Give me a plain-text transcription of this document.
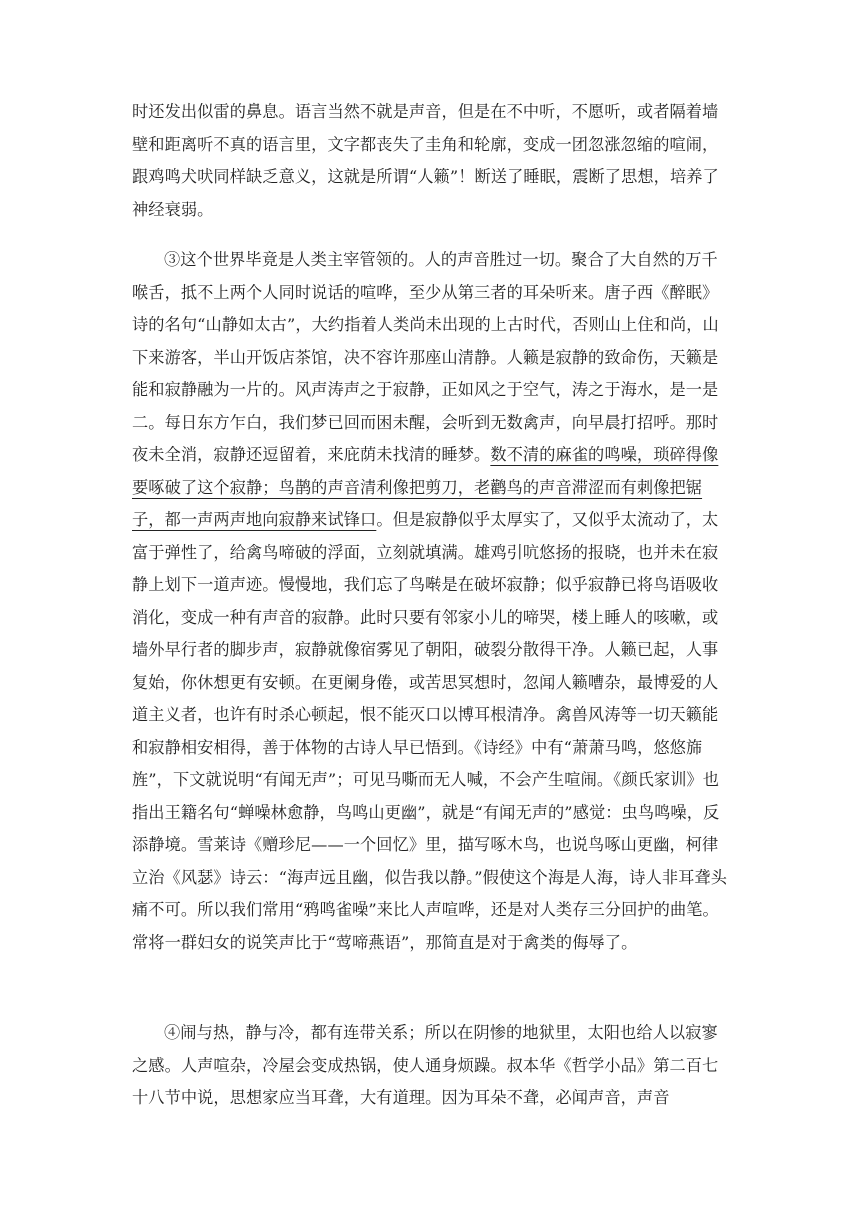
时还发出似雷的鼻息。语言当然不就是声音，但是在不中听，不愿听，或者隔着墙壁和距离听不真的语言里，文字都丧失了圭角和轮廓，变成一团忽涨忽缩的喧闹，跟鸡鸣犬吠同样缺乏意义，这就是所谓“人籁”！断送了睡眠，震断了思想，培养了神经衰弱。

③这个世界毕竟是人类主宰管领的。人的声音胜过一切。聚合了大自然的万千喉舌，抵不上两个人同时说话的喧哗，至少从第三者的耳朵听来。唐子西《醉眠》诗的名句“山静如太古”，大约指着人类尚未出现的上古时代，否则山上住和尚，山下来游客，半山开饭店茶馆，决不容许那座山清静。人籁是寂静的致命伤，天籁是能和寂静融为一片的。风声涛声之于寂静，正如风之于空气，涛之于海水，是一是二。每日东方乍白，我们梦已回而困未醒，会听到无数禽声，向早晨打招呼。那时夜未全消，寂静还逗留着，来庇荫未找清的睡梦。数不清的麻雀的鸣噪，琐碎得像要啄破了这个寂静；鸟鹊的声音清利像把剪刀，老鹳鸟的声音滞涩而有刺像把锯子，都一声两声地向寂静来试锋口。但是寂静似乎太厚实了，又似乎太流动了，太富于弹性了，给禽鸟啼破的浮面，立刻就填满。雄鸡引吭悠扬的报晓，也并未在寂静上划下一道声迹。慢慢地，我们忘了鸟啭是在破坏寂静；似乎寂静已将鸟语吸收消化，变成一种有声音的寂静。此时只要有邻家小儿的啼哭，楼上睡人的咳嗽，或墙外早行者的脚步声，寂静就像宿雾见了朝阳，破裂分散得干净。人籁已起，人事复始，你休想更有安顿。在更阑身倦，或苦思冥想时，忽闻人籁嘈杂，最博爱的人道主义者，也许有时杀心顿起，恨不能灭口以博耳根清净。禽兽风涛等一切天籁能和寂静相安相得，善于体物的古诗人早已悟到。《诗经》中有“萧萧马鸣，悠悠旆旌”，下文就说明“有闻无声”；可见马嘶而无人喊，不会产生喧闹。《颜氏家训》也指出王籍名句“蝉噪林愈静，鸟鸣山更幽”，就是“有闻无声的”感觉：虫鸟鸣噪，反添静境。雪莱诗《赠珍尼——一个回忆》里，描写啄木鸟，也说鸟啄山更幽，柯律立治《风瑟》诗云：“海声远且幽，似告我以静。”假使这个海是人海，诗人非耳聋头痛不可。所以我们常用“鸦鸣雀噪”来比人声喧哗，还是对人类存三分回护的曲笔。常将一群妇女的说笑声比于“莺啼燕语”，那简直是对于禽类的侮辱了。

④闹与热，静与冷，都有连带关系；所以在阴惨的地狱里，太阳也给人以寂寥之感。人声喧杂，冷屋会变成热锅，使人通身烦躁。叔本华《哲学小品》第二百七十八节中说，思想家应当耳聋，大有道理。因为耳朵不聋，必闻声音，声音
